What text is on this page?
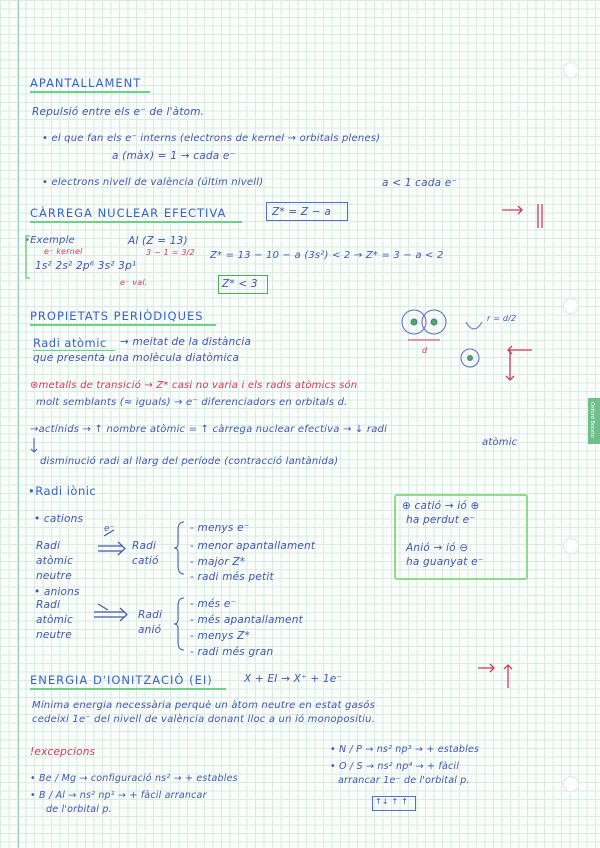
Oxford Boceto
APANTALLAMENT
Repulsió entre els e⁻ de l'àtom.
• el que fan els e⁻ interns (electrons de kernel → orbitals plenes)
a (màx) = 1 → cada e⁻
• electrons nivell de valència (últim nivell)	a < 1 cada e⁻
CÀRREGA NUCLEAR EFECTIVA	Z* = Z − a
•Exemple
e⁻ kernel
Al (Z = 13)
3 − 1 = 3/2
1s² 2s² 2p⁶ 3s² 3p¹
e⁻ val.
Z* = 13 − 10 − a (3s²) < 2 → Z* = 3 − a < 2
Z* < 3
PROPIETATS PERIÒDIQUES	r = d/2
d
Radi atòmic → meitat de la distància
que presenta una molècula diatòmica
⊛metalls de transició → Z* casi no varia i els radis atòmics són
molt semblants (≈ iguals) → e⁻ diferenciadors en orbitals d.
→actínids → ↑ nombre atòmic = ↑ càrrega nuclear efectiva → ↓ radi
atòmic
disminució radi al llarg del període (contracció lantànida)
•Radi iònic
• cations
e⁻
Radi
atòmic
neutre
Radi
catió
- menys e⁻
- menor apantallament
- major Z*
- radi més petit
• anions
Radi
atòmic
neutre
Radi
anió
- més e⁻
- més apantallament
- menys Z*
- radi més gran
⊕ catió → ió ⊕
ha perdut e⁻
Anió → ió ⊖
ha guanyat e⁻
ENERGIA D'IONITZACIÓ (EI)	X + EI → X⁺ + 1e⁻
Mínima energia necessària perquè un àtom neutre en estat gasós
cedeixi 1e⁻ del nivell de valència donant lloc a un ió monopositiu.
!excepcions
• Be / Mg → configuració ns² → + estables
• B / Al → ns² np¹ → + fàcil arrancar
de l'orbital p.
• N / P → ns² np³ → + estables
• O / S → ns² np⁴ → + fàcil
arrancar 1e⁻ de l'orbital p.
↑↓ ↑ ↑
